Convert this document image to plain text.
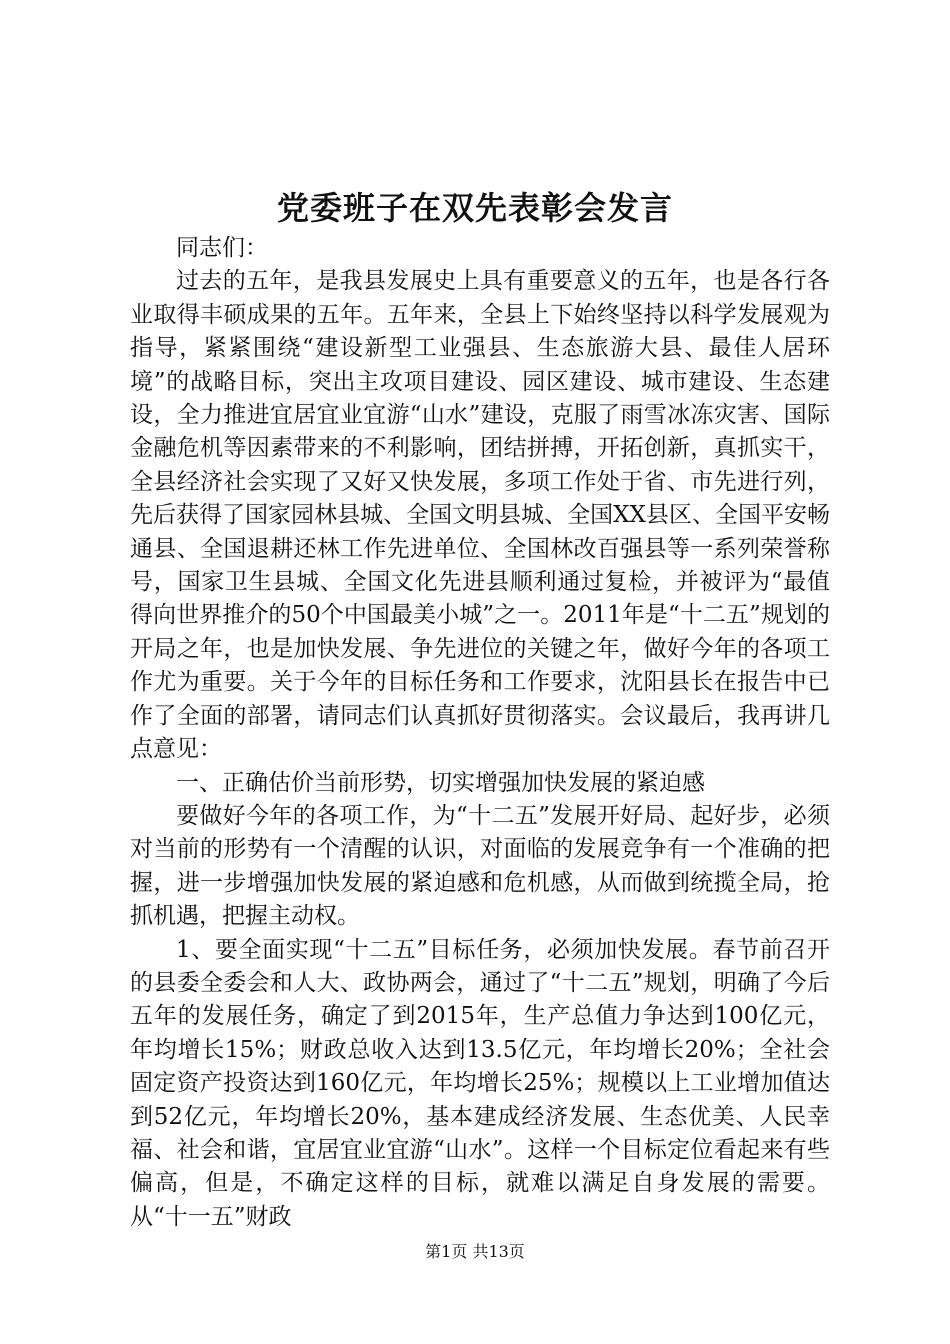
党委班子在双先表彰会发言

同志们：

过去的五年，是我县发展史上具有重要意义的五年，也是各行各业取得丰硕成果的五年。五年来，全县上下始终坚持以科学发展观为指导，紧紧围绕“建设新型工业强县、生态旅游大县、最佳人居环境”的战略目标，突出主攻项目建设、园区建设、城市建设、生态建设，全力推进宜居宜业宜游“山水”建设，克服了雨雪冰冻灾害、国际金融危机等因素带来的不利影响，团结拼搏，开拓创新，真抓实干，全县经济社会实现了又好又快发展，多项工作处于省、市先进行列，先后获得了国家园林县城、全国文明县城、全国XX县区、全国平安畅通县、全国退耕还林工作先进单位、全国林改百强县等一系列荣誉称号，国家卫生县城、全国文化先进县顺利通过复检，并被评为“最值得向世界推介的50个中国最美小城”之一。2011年是“十二五”规划的开局之年，也是加快发展、争先进位的关键之年，做好今年的各项工作尤为重要。关于今年的目标任务和工作要求，沈阳县长在报告中已作了全面的部署，请同志们认真抓好贯彻落实。会议最后，我再讲几点意见：

一、正确估价当前形势，切实增强加快发展的紧迫感

要做好今年的各项工作，为“十二五”发展开好局、起好步，必须对当前的形势有一个清醒的认识，对面临的发展竞争有一个准确的把握，进一步增强加快发展的紧迫感和危机感，从而做到统揽全局，抢抓机遇，把握主动权。

1、要全面实现“十二五”目标任务，必须加快发展。春节前召开的县委全委会和人大、政协两会，通过了“十二五”规划，明确了今后五年的发展任务，确定了到2015年，生产总值力争达到100亿元，年均增长15%；财政总收入达到13.5亿元，年均增长20%；全社会固定资产投资达到160亿元，年均增长25%；规模以上工业增加值达到52亿元，年均增长20%，基本建成经济发展、生态优美、人民幸福、社会和谐，宜居宜业宜游“山水”。这样一个目标定位看起来有些偏高，但是，不确定这样的目标，就难以满足自身发展的需要。从“十一五”财政

第1页 共13页
